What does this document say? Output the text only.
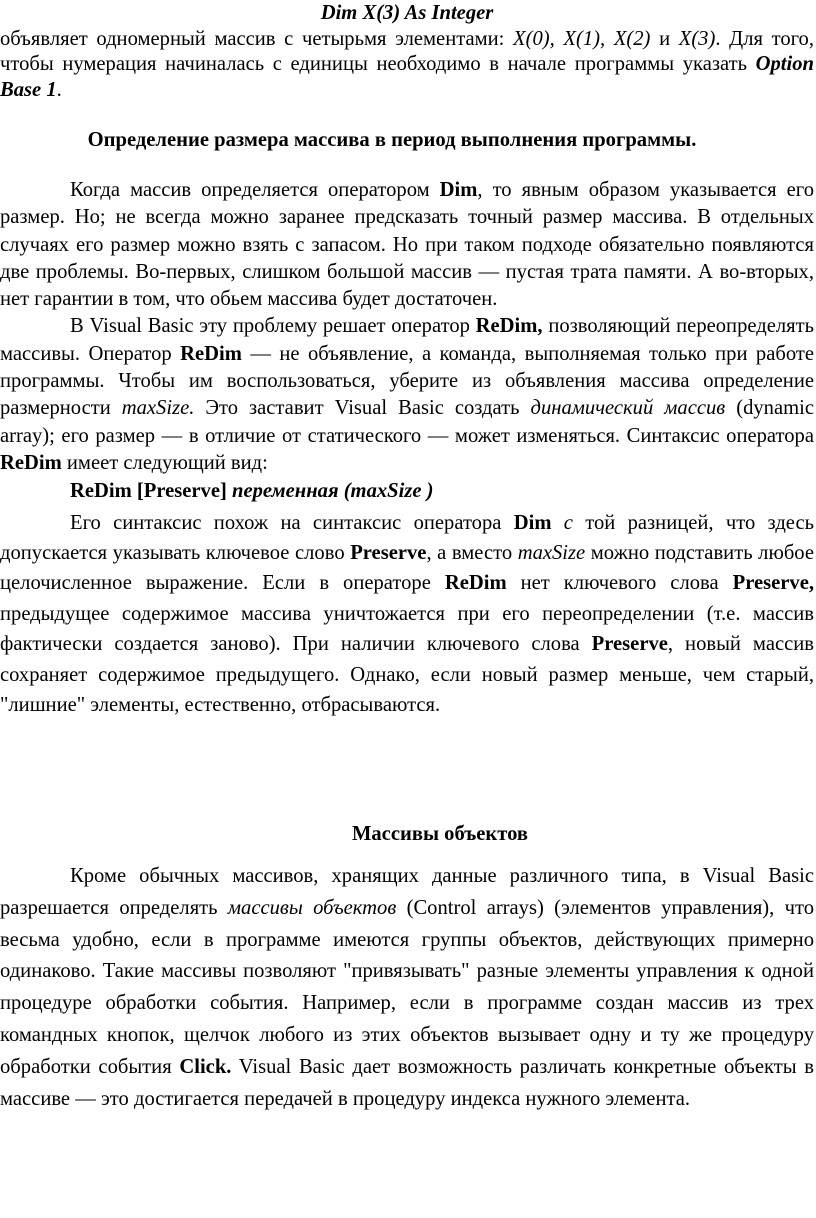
Dim X(3) As Integer

объявляет одномерный массив с четырьмя элементами: X(0), X(1), X(2) и X(3). Для того, чтобы нумерация начиналась с единицы необходимо в начале программы указать Option Base 1.

Определение размера массива в период выполнения программы.

Когда массив определяется оператором Dim, то явным образом указывается его размер. Но; не всегда можно заранее предсказать точный размер массива. В отдельных случаях его размер можно взять с запасом. Но при таком подходе обязательно появляются две проблемы. Во-первых, слишком большой массив — пустая трата памяти. А во-вторых, нет гарантии в том, что обьем массива будет достаточен.

В Visual Basic эту проблему решает оператор ReDim, позволяющий переопределять массивы. Оператор ReDim — не объявление, а команда, выполняемая только при работе программы. Чтобы им воспользоваться, уберите из объявления массива определение размерности maxSize. Это заставит Visual Basic создать динамический массив (dynamic array); его размер — в отличие от статического — может изменяться. Синтаксис оператора ReDim имеет следующий вид:

ReDim [Preserve] переменная (maxSize )

Его синтаксис похож на синтаксис оператора Dim с той разницей, что здесь допускается указывать ключевое слово Preserve, а вместо maxSize можно подставить любое целочисленное выражение. Если в операторе ReDim нет ключевого слова Preserve, предыдущее содержимое массива уничтожается при его переопределении (т.е. массив фактически создается заново). При наличии ключевого слова Preserve, новый массив сохраняет содержимое предыдущего. Однако, если новый размер меньше, чем старый, "лишние" элементы, естественно, отбрасываются.

Массивы объектов

Кроме обычных массивов, хранящих данные различного типа, в Visual Basic разрешается определять массивы объектов (Control arrays) (элементов управления), что весьма удобно, если в программе имеются группы объектов, действующих примерно одинаково. Такие массивы позволяют "привязывать" разные элементы управления к одной процедуре обработки события. Например, если в программе создан массив из трех командных кнопок, щелчок любого из этих объектов вызывает одну и ту же процедуру обработки события Click. Visual Basic дает возможность различать конкретные объекты в массиве — это достигается передачей в процедуру индекса нужного элемента.
